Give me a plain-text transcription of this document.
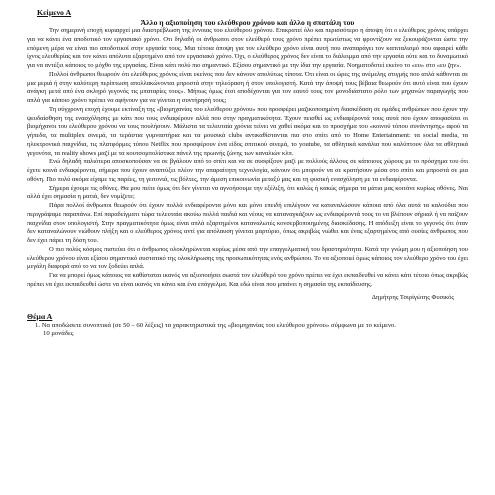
Κείμενο Α
Άλλο η αξιοποίηση του ελεύθερου χρόνου και άλλο η σπατάλη του

Την σημερινή εποχή κυριαρχεί μια διαστρέβλωση της έννοιας του ελεύθερου χρόνου. Επικρατεί όλο και περισσότερο η άποψη ότι ο ελεύθερος χρόνος υπάρχει για να κάνει ένα αποδοτικό τον εργασιακό χρόνο. Οτι δηλαδή οι άνθρωποι στον ελεύθερό τους χρόνο πρέπει πρωτίστως να φροντίζουν να ξεκουράζονται ώστε την επόμενη μέρα να είναι πιο αποδοτικοί στην εργασία τους. Μια τέτοια άποψη για τον ελεύθερο χρόνο είναι αυτή που αναπαράγει τον καπιταλισμό που αφαιρεί κάθε ίχνος ελευθερίας και τον κάνει απόλυτα εξαρτημένο από τον εργασιακό χρόνο. Όχι, ο ελεύθερος χρόνος δεν είναι το διάλειμμα από την εργασία ούτε και το δυναμωτικό για να αντέξει κάποιος το μόχθο της εργασίας. Είναι κάτι πολύ πιο σημαντικό. Εξίσου σημαντικό με την ίδια την εργασία. Νοηματοδοτεί εκείνο το «ευ» στο «ευ ζην».

Πολλοί άνθρωποι θεωρούν ότι ελεύθερος χρόνος είναι εκείνος που δεν κάνουν απολύτως τίποτα. Ότι είναι οι ώρες της ανέμελης στιγμής που απλά κάθονται σε μια μεριά ή στην καλύτερη περίπτωση απολλακώνονται μπροστά στην τηλεόραση ή στον υπολογιστή. Κατά την άποψή τους βέβαια θεωρούν ότι αυτό είναι που έχουν ανάγκη μετά από ένα σκληρό γεγονός τις μπαταρίες τους». Μήπως όμως έτσι αποδέχονται για τον εαυτό τους τον μονοδιάστατο ρόλο των μηχανών παραγωγής που απλά για κάποιο χρόνο πρέπει να αφήνουν για να γίνεται η συντήρησή τους;

Τη σύγχρονη εποχή έχουμε εκτίναξη της «βιομηχανίας του ελεύθερου χρόνου» που προσφέρει μαζικοποιημένη διασκέδαση σε ομάδες ανθρώπων που έχουν την ψευδαίσθηση της ενασχόλησης με κάτι που τους ενδιαφέρουν αλλά που στην πραγματικότητα. Έχουν πεισθεί ως ενδιαφέροντά τους αυτά που έχουν αποφασίσει οι βιομήχανοι του ελεύθερου χρόνου να τους πουλήσουν. Μάλιστα τα τελευταία χρόνια τείνει να χαθεί ακόμα και το προσχήμα του «κοινού τόπου συνάντησης» αφού τα γήπεδα, τα multiplex σινεμά, τα τεράστια γυμναστήρια και τα μουσικά clubs αντικαθίστανται πια στο σπίτι από το Home Entertainment: τα social media, τα ηλεκτρονικά παιχνίδια, τις πλατφόρμες τύπου Netflix που προσφέρουν ένα είδος σπιτικού σινεμά, το youtube, τα αθλητικά κανάλια που καλύπτουν όλα τα αθλητικά γεγονότα, τα reality shows μαζί με τα κουτσομπολίστικα πάνελ της πρωινής ζώνης των καναλιών κλπ.

Ενώ δηλαδή παλιότερα αποσκοπούσαν να σε βγάλουν από το σπίτι και να σε συσφίξουν μαζί με πολλούς άλλους σε κάποιους χώρους με το πρόσχημα του ότι έχετε κοινά ενδιαφέροντα, σήμερα που έχουν αναπτύξει πλέον την απαραίτητη τεχνολογία, κάνουν ότι μπορούν να σε κρατήσουν μέσα στο σπίτι και μπροστά σε μια οθόνη. Πιο πολύ ακόμα είχαμε τις παρέες, τη γειτονιά, τις βόλτες, την άμεση επικοινωνία μεταξύ μας και τη φυσική ενασχόληση με τα ενδιαφέροντα.

Σήμερα έχουμε τις οθόνες. Θα μου πείτε όμως ότι δεν γίνεται να αγνοήσουμε την εξέλιξη, ότι καλώς ή κακώς σήμερα τα μάτια μας κοιτάνε κυρίως οθόνες. Ναι αλλά έχει σημασία η ματιά, δεν νομίζετε;

Πάρα πολλοί άνθρωποι θεωρούν ότι έχουν πολλά ενδιαφέροντα μόνο και μόνο επειδή επιλέγουν να καταναλώσουν κάποια από όλα αυτά τα καλούδια που περιγράψαμε παραπάνω. Επί παραδείγματι τώρα τελευταία ακούω πολλά παιδιά και νέους να καταναγκάζουν ως ενδιαφέροντά τους το να βλέπουν σήριαλ ή να παίζουν παιχνίδια στον υπολογιστή. Στην πραγματικότητα όμως είναι απλά εξαρτημένοι καταναλωτές κονσερβοποιημένης διασκέδασης. Η απόδειξη είναι το γεγονός ότι όταν δεν καταναλώνουν νιώθουν πλήξη και ο ελεύθερος χρόνος αντί για απόλαυση γίνεται μαρτύριο, όπως ακριβώς νιώθει και ένας εξαρτημένος από ουσίες άνθρωπος που δεν έχει πάρει τη δόση του.

Ο πιο πολύς κόσμος πιστεύει ότι ο άνθρωπος ολοκληρώνεται κυρίως μέσα από την επαγγελματική του δραστηριότητα. Κατά την γνώμη μου η αξιοποίηση του ελεύθερου χρόνου είναι εξίσου σημαντικό συστατικό της ολοκλήρωσης της προσωπικότητας ενός ανθρώπου. Το να αξιοποιεί όμως κάποιος τον ελεύθερο χρόνο του έχει μεγάλη διαφορά από το να τον ξοδεύει απλά.

Για να μπορεί όμως κάποιος να καθίσταται ικανός να αξιοποιήσει σωστά τον ελεύθερό του χρόνο πρέπει να έχει εκπαιδευθεί να κάνει κάτι τέτοιο όπως ακριβώς πρέπει να έχει εκπαιδευθεί ώστε να είναι ικανός να κάνει και ένα επάγγελμα. Και εδώ είναι που μπαίνει η σημασία της εκπαίδευσης.

Δημήτρης Τσιρίγώτης Φυσικός
Θέμα Α

1. Να αποδώσετε συνοπτικά (σε 50 – 60 λέξεις) τα χαρακτηριστικά της «βιομηχανίας του ελεύθερου χρόνου» σύμφωνα με το κείμενο.

10 μονάδες
